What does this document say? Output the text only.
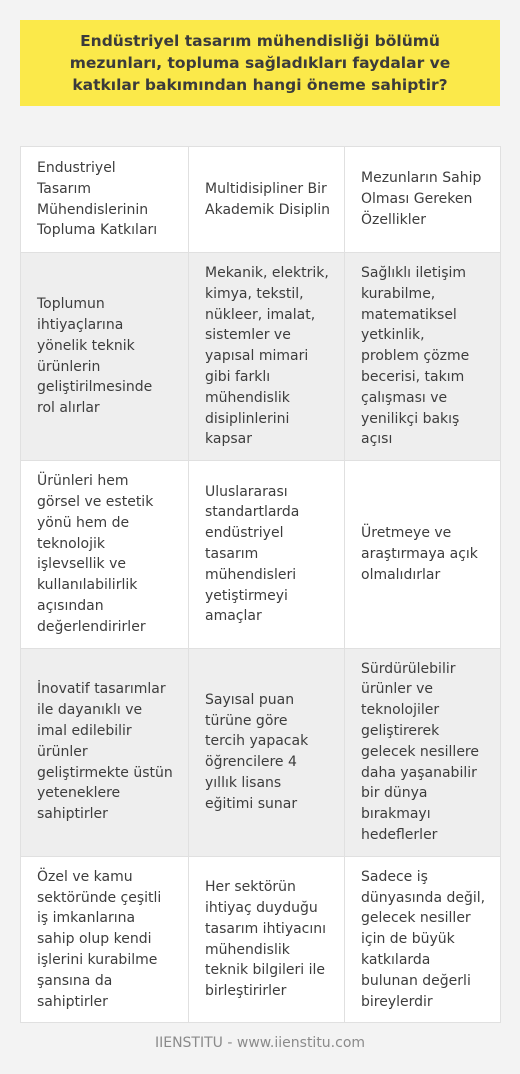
Endüstriyel tasarım mühendisliği bölümü mezunları, topluma sağladıkları faydalar ve katkılar bakımından hangi öneme sahiptir?
Endustriyel Tasarım Mühendislerinin Topluma Katkıları	Multidisipliner Bir Akademik Disiplin	Mezunların Sahip Olması Gereken Özellikler
Toplumun ihtiyaçlarına yönelik teknik ürünlerin geliştirilmesinde rol alırlar	Mekanik, elektrik, kimya, tekstil, nükleer, imalat, sistemler ve yapısal mimari gibi farklı mühendislik disiplinlerini kapsar	Sağlıklı iletişim kurabilme, matematiksel yetkinlik, problem çözme becerisi, takım çalışması ve yenilikçi bakış açısı
Ürünleri hem görsel ve estetik yönü hem de teknolojik işlevsellik ve kullanılabilirlik açısından değerlendirirler	Uluslararası standartlarda endüstriyel tasarım mühendisleri yetiştirmeyi amaçlar	Üretmeye ve araştırmaya açık olmalıdırlar
İnovatif tasarımlar ile dayanıklı ve imal edilebilir ürünler geliştirmekte üstün yeteneklere sahiptirler	Sayısal puan türüne göre tercih yapacak öğrencilere 4 yıllık lisans eğitimi sunar	Sürdürülebilir ürünler ve teknolojiler geliştirerek gelecek nesillere daha yaşanabilir bir dünya bırakmayı hedeflerler
Özel ve kamu sektöründe çeşitli iş imkanlarına sahip olup kendi işlerini kurabilme şansına da sahiptirler	Her sektörün ihtiyaç duyduğu tasarım ihtiyacını mühendislik teknik bilgileri ile birleştirirler	Sadece iş dünyasında değil, gelecek nesiller için de büyük katkılarda bulunan değerli bireylerdir
IIENSTITU - www.iienstitu.com
